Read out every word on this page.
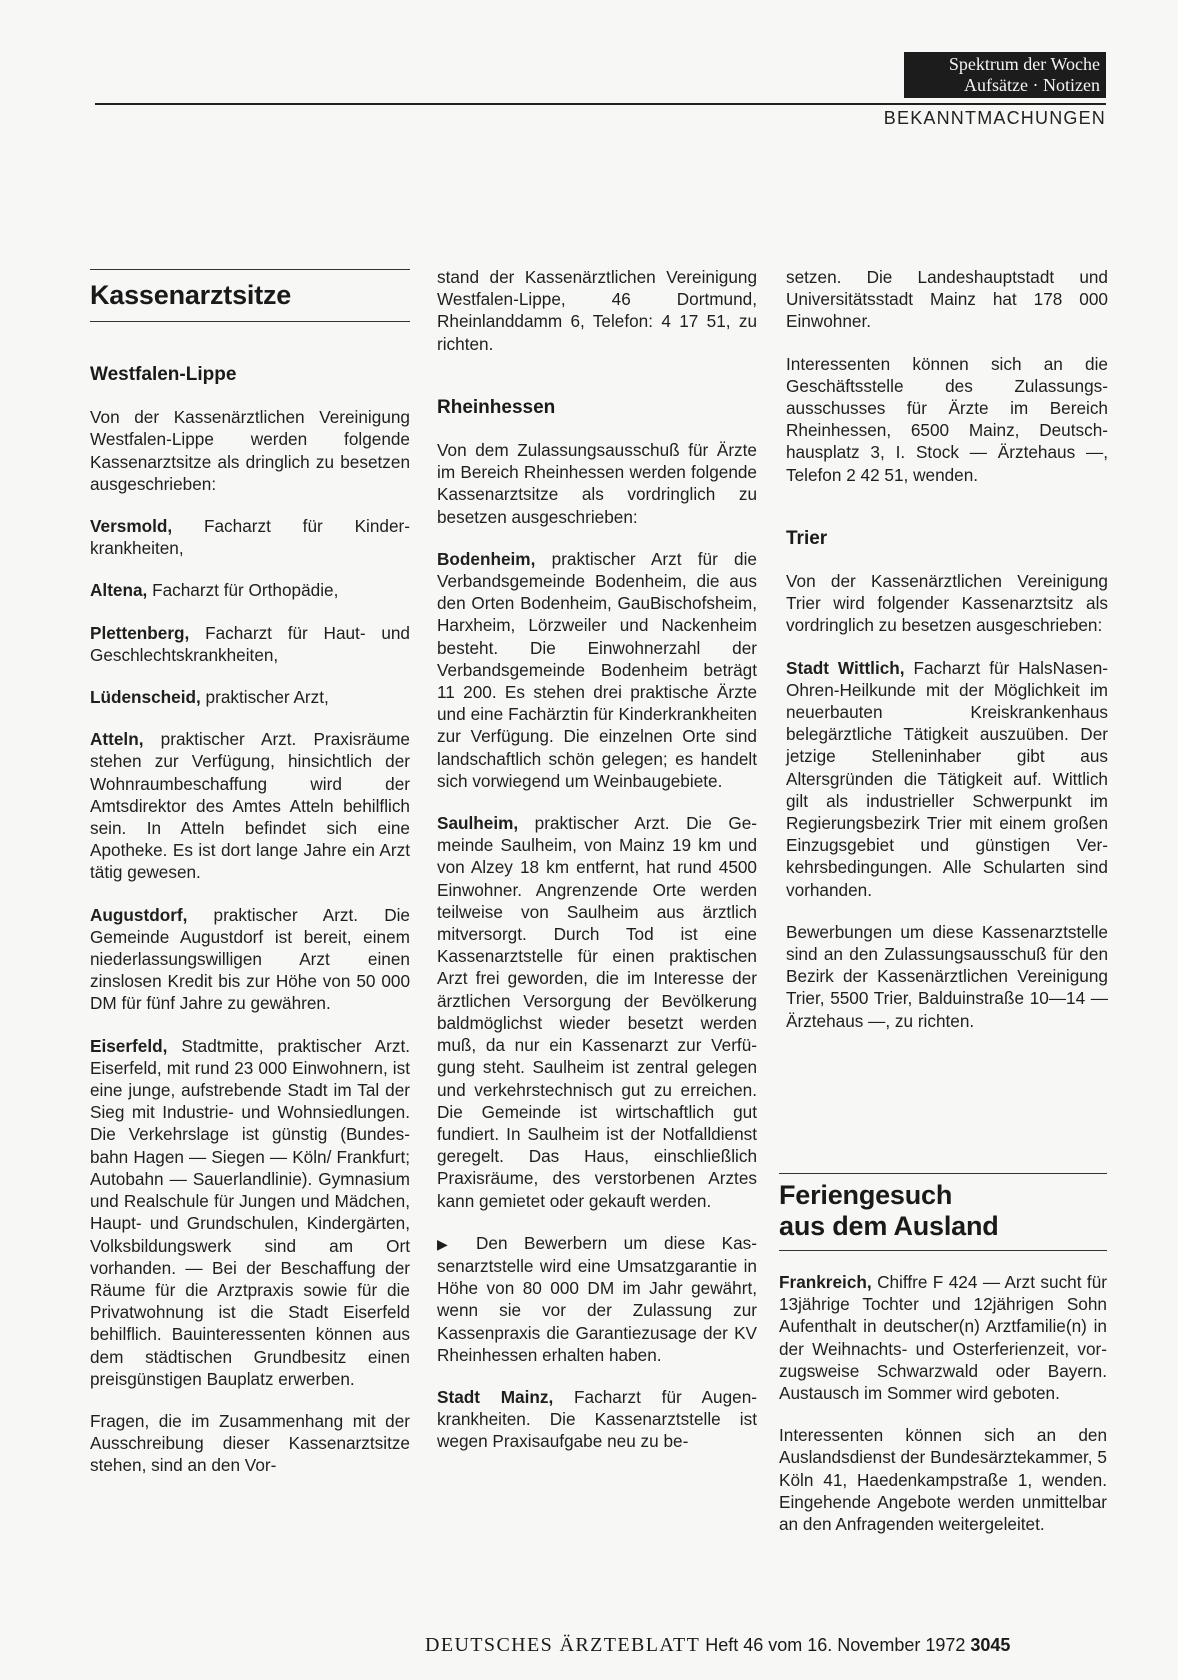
Spektrum der Woche
Aufsätze · Notizen
BEKANNTMACHUNGEN
Kassenarztsitze
Westfalen-Lippe

Von der Kassenärztlichen Vereinigung Westfalen-Lippe werden folgende Kassenarztsitze als dringlich zu besetzen ausgeschrieben:

Versmold, Facharzt für Kinderkrankheiten,

Altena, Facharzt für Orthopädie,

Plettenberg, Facharzt für Haut- und Geschlechtskrankheiten,

Lüdenscheid, praktischer Arzt,

Atteln, praktischer Arzt. Praxisräume stehen zur Verfügung, hinsichtlich der Wohnraumbeschaffung wird der Amtsdirektor des Amtes Atteln behilflich sein. In Atteln befindet sich eine Apotheke. Es ist dort lange Jahre ein Arzt tätig gewesen.

Augustdorf, praktischer Arzt. Die Gemeinde Augustdorf ist bereit, einem niederlassungswilligen Arzt einen zinslosen Kredit bis zur Höhe von 50 000 DM für fünf Jahre zu gewähren.

Eiserfeld, Stadtmitte, praktischer Arzt. Eiserfeld, mit rund 23 000 Einwohnern, ist eine junge, aufstrebende Stadt im Tal der Sieg mit Industrie- und Wohnsiedlungen. Die Verkehrslage ist günstig (Bundesbahn Hagen — Siegen — Köln/ Frankfurt; Autobahn — Sauerlandlinie). Gymnasium und Realschule für Jungen und Mädchen, Haupt- und Grundschulen, Kindergärten, Volksbildungswerk sind am Ort vorhanden. — Bei der Beschaffung der Räume für die Arztpraxis sowie für die Privatwohnung ist die Stadt Eiserfeld behilflich. Bauinteressenten können aus dem städtischen Grundbesitz einen preisgünstigen Bauplatz erwerben.

Fragen, die im Zusammenhang mit der Ausschreibung dieser Kassenarztsitze stehen, sind an den Vor-

stand der Kassenärztlichen Vereinigung Westfalen-Lippe, 46 Dortmund, Rheinlanddamm 6, Telefon: 4 17 51, zu richten.

Rheinhessen

Von dem Zulassungsausschuß für Ärzte im Bereich Rheinhessen werden folgende Kassenarztsitze als vordringlich zu besetzen ausgeschrieben:

Bodenheim, praktischer Arzt für die Verbandsgemeinde Bodenheim, die aus den Orten Bodenheim, GauBischofsheim, Harxheim, Lörzweiler und Nackenheim besteht. Die Einwohnerzahl der Verbandsgemeinde Bodenheim beträgt 11 200. Es stehen drei praktische Ärzte und eine Fachärztin für Kinderkrankheiten zur Verfügung. Die einzelnen Orte sind landschaftlich schön gelegen; es handelt sich vorwiegend um Weinbaugebiete.

Saulheim, praktischer Arzt. Die Gemeinde Saulheim, von Mainz 19 km und von Alzey 18 km entfernt, hat rund 4500 Einwohner. Angrenzende Orte werden teilweise von Saulheim aus ärztlich mitversorgt. Durch Tod ist eine Kassenarztstelle für einen praktischen Arzt frei geworden, die im Interesse der ärztlichen Versorgung der Bevölkerung baldmöglichst wieder besetzt werden muß, da nur ein Kassenarzt zur Verfügung steht. Saulheim ist zentral gelegen und verkehrstechnisch gut zu erreichen. Die Gemeinde ist wirtschaftlich gut fundiert. In Saulheim ist der Notfalldienst geregelt. Das Haus, einschließlich Praxisräume, des verstorbenen Arztes kann gemietet oder gekauft werden.

▶ Den Bewerbern um diese Kassenarztstelle wird eine Umsatzgarantie in Höhe von 80 000 DM im Jahr gewährt, wenn sie vor der Zulassung zur Kassenpraxis die Garantiezusage der KV Rheinhessen erhalten haben.

Stadt Mainz, Facharzt für Augenkrankheiten. Die Kassenarztstelle ist wegen Praxisaufgabe neu zu be-

setzen. Die Landeshauptstadt und Universitätsstadt Mainz hat 178 000 Einwohner.

Interessenten können sich an die Geschäftsstelle des Zulassungsausschusses für Ärzte im Bereich Rheinhessen, 6500 Mainz, Deutschhausplatz 3, I. Stock — Ärztehaus —, Telefon 2 42 51, wenden.

Trier

Von der Kassenärztlichen Vereinigung Trier wird folgender Kassenarztsitz als vordringlich zu besetzen ausgeschrieben:

Stadt Wittlich, Facharzt für HalsNasen-Ohren-Heilkunde mit der Möglichkeit im neuerbauten Kreiskrankenhaus belegärztliche Tätigkeit auszuüben. Der jetzige Stelleninhaber gibt aus Altersgründen die Tätigkeit auf. Wittlich gilt als industrieller Schwerpunkt im Regierungsbezirk Trier mit einem großen Einzugsgebiet und günstigen Verkehrsbedingungen. Alle Schularten sind vorhanden.

Bewerbungen um diese Kassenarztstelle sind an den Zulassungsausschuß für den Bezirk der Kassenärztlichen Vereinigung Trier, 5500 Trier, Balduinstraße 10—14 — Ärztehaus —, zu richten.

Feriengesuch
aus dem Ausland

Frankreich, Chiffre F 424 — Arzt sucht für 13jährige Tochter und 12jährigen Sohn Aufenthalt in deutscher(n) Arztfamilie(n) in der Weihnachts- und Osterferienzeit, vorzugsweise Schwarzwald oder Bayern. Austausch im Sommer wird geboten.

Interessenten können sich an den Auslandsdienst der Bundesärztekammer, 5 Köln 41, Haedenkampstraße 1, wenden. Eingehende Angebote werden unmittelbar an den Anfragenden weitergeleitet.

DEUTSCHES ÄRZTEBLATT Heft 46 vom 16. November 1972 3045
